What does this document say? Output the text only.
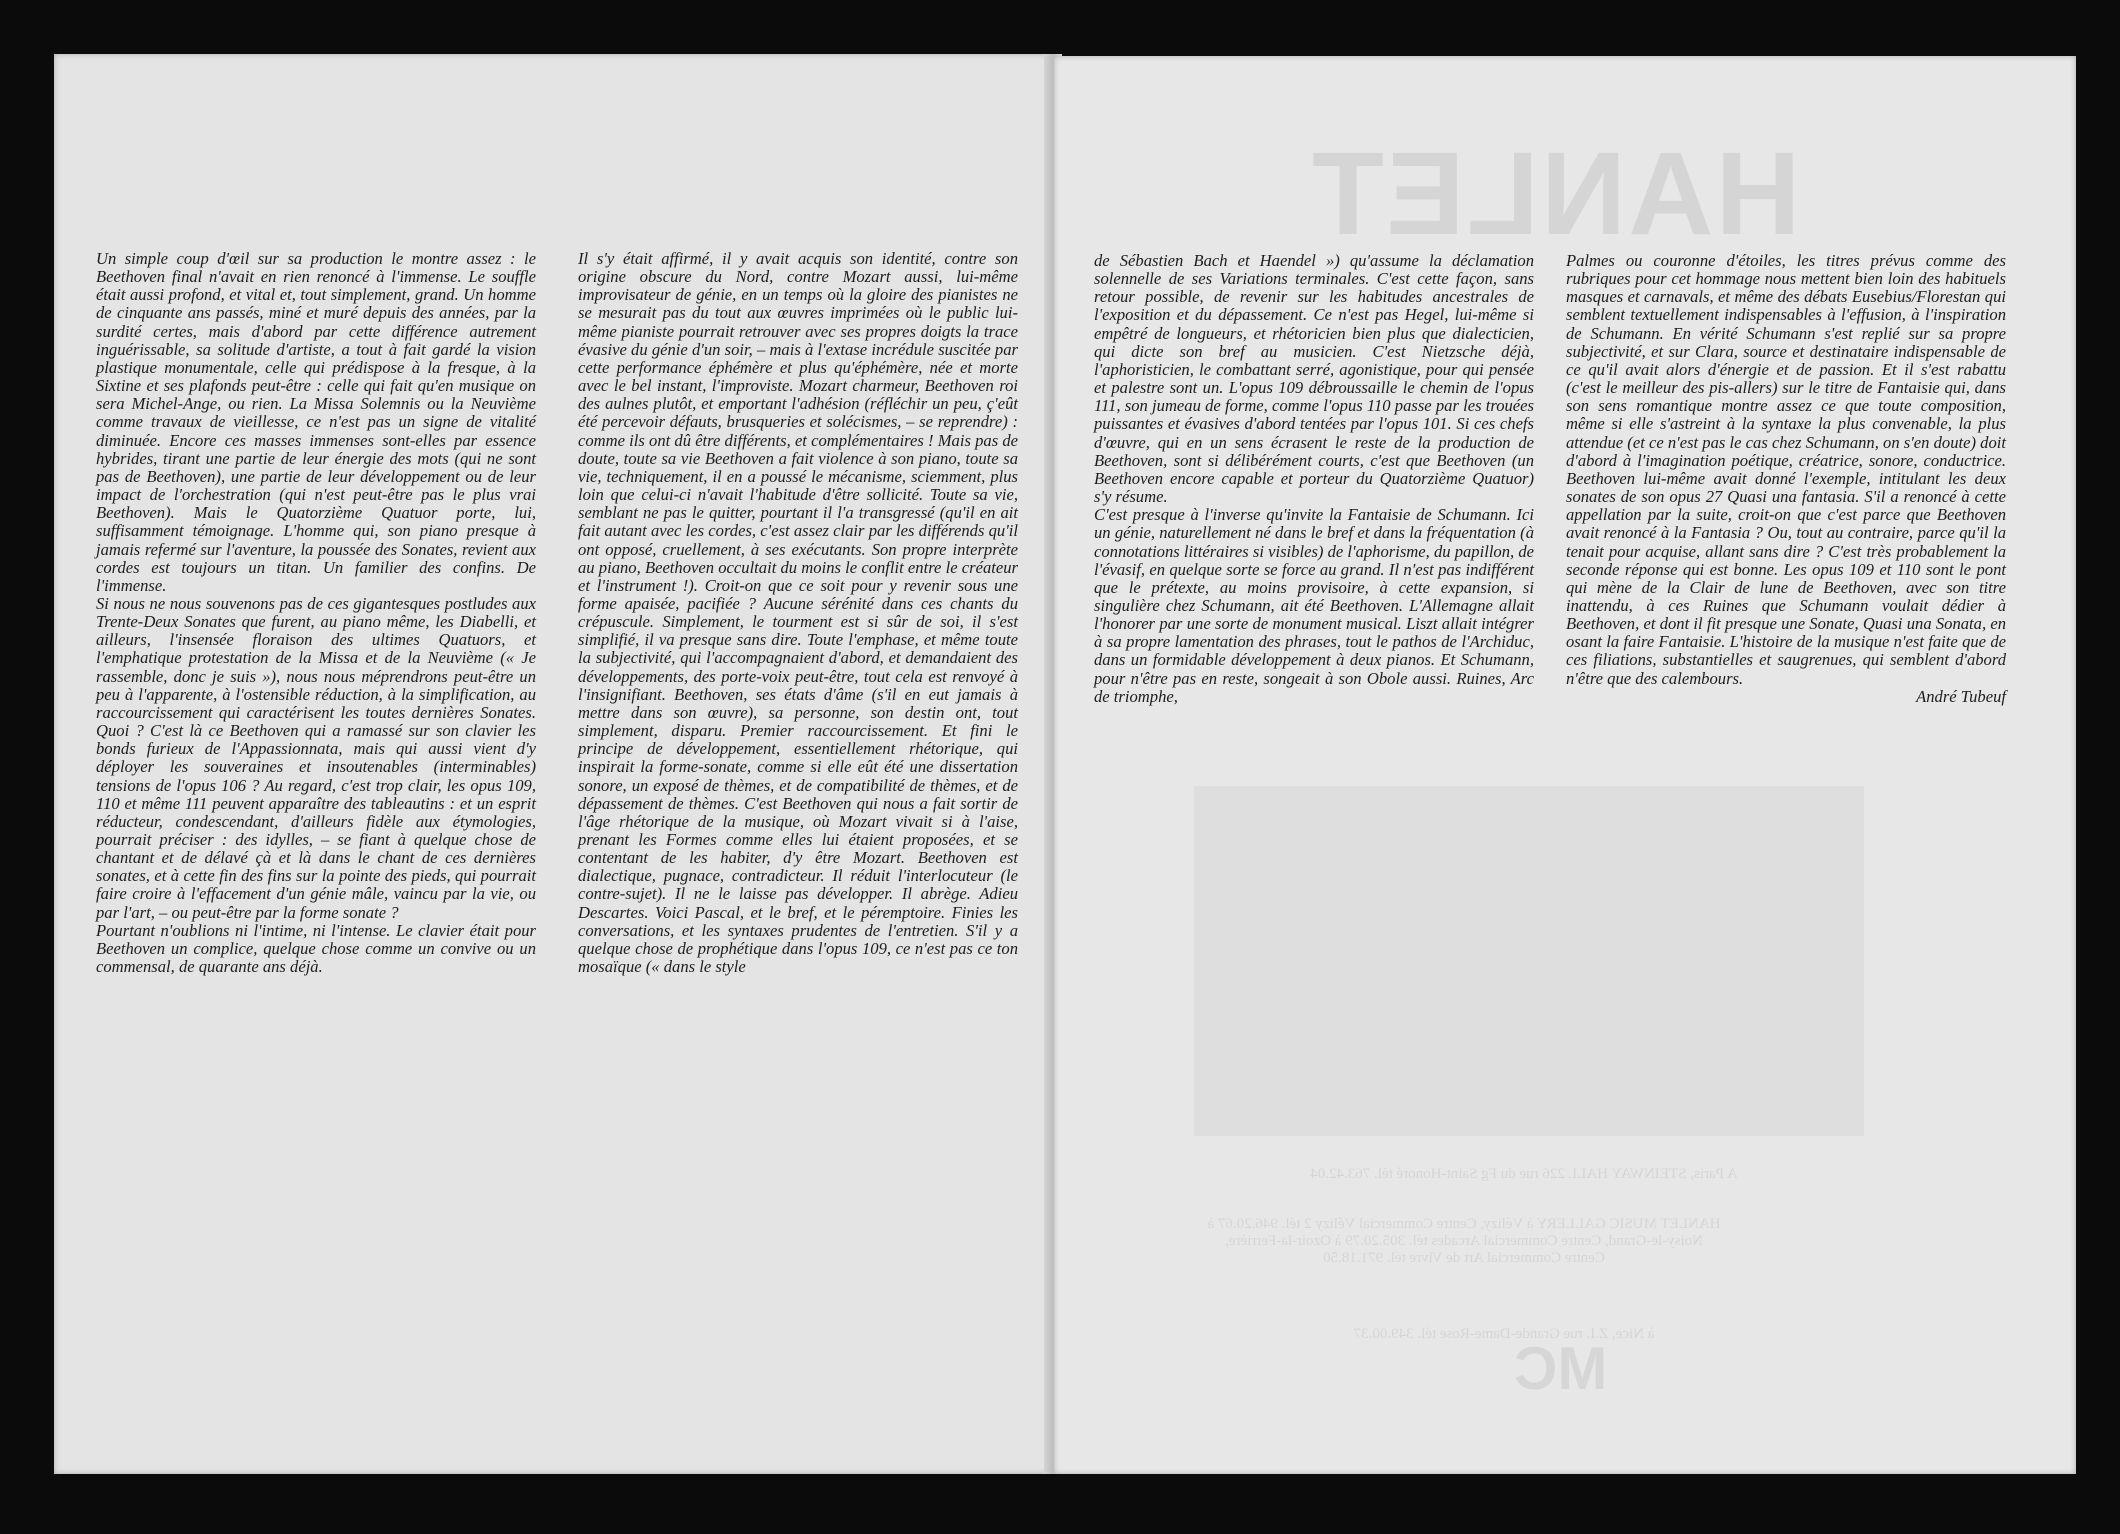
Un simple coup d'œil sur sa production le montre assez : le Beethoven final n'avait en rien renoncé à l'immense. Le souffle était aussi profond, et vital et, tout simplement, grand. Un homme de cinquante ans passés, miné et muré depuis des années, par la surdité certes, mais d'abord par cette différence autrement inguérissable, sa solitude d'artiste, a tout à fait gardé la vision plastique monumentale, celle qui prédispose à la fresque, à la Sixtine et ses plafonds peut-être : celle qui fait qu'en musique on sera Michel-Ange, ou rien. La Missa Solemnis ou la Neuvième comme travaux de vieillesse, ce n'est pas un signe de vitalité diminuée. Encore ces masses immenses sont-elles par essence hybrides, tirant une partie de leur énergie des mots (qui ne sont pas de Beethoven), une partie de leur développement ou de leur impact de l'orchestration (qui n'est peut-être pas le plus vrai Beethoven). Mais le Quatorzième Quatuor porte, lui, suffisamment témoignage. L'homme qui, son piano presque à jamais refermé sur l'aventure, la poussée des Sonates, revient aux cordes est toujours un titan. Un familier des confins. De l'immense.

Si nous ne nous souvenons pas de ces gigantesques postludes aux Trente-Deux Sonates que furent, au piano même, les Diabelli, et ailleurs, l'insensée floraison des ultimes Quatuors, et l'emphatique protestation de la Missa et de la Neuvième (« Je rassemble, donc je suis »), nous nous méprendrons peut-être un peu à l'apparente, à l'ostensible réduction, à la simplification, au raccourcissement qui caractérisent les toutes dernières Sonates. Quoi ? C'est là ce Beethoven qui a ramassé sur son clavier les bonds furieux de l'Appassionnata, mais qui aussi vient d'y déployer les souveraines et insoutenables (interminables) tensions de l'opus 106 ? Au regard, c'est trop clair, les opus 109, 110 et même 111 peuvent apparaître des tableautins : et un esprit réducteur, condescendant, d'ailleurs fidèle aux étymologies, pourrait préciser : des idylles, – se fiant à quelque chose de chantant et de délavé çà et là dans le chant de ces dernières sonates, et à cette fin des fins sur la pointe des pieds, qui pourrait faire croire à l'effacement d'un génie mâle, vaincu par la vie, ou par l'art, – ou peut-être par la forme sonate ?

Pourtant n'oublions ni l'intime, ni l'intense. Le clavier était pour Beethoven un complice, quelque chose comme un convive ou un commensal, de quarante ans déjà.

Il s'y était affirmé, il y avait acquis son identité, contre son origine obscure du Nord, contre Mozart aussi, lui-même improvisateur de génie, en un temps où la gloire des pianistes ne se mesurait pas du tout aux œuvres imprimées où le public lui-même pianiste pourrait retrouver avec ses propres doigts la trace évasive du génie d'un soir, – mais à l'extase incrédule suscitée par cette performance éphémère et plus qu'éphémère, née et morte avec le bel instant, l'improviste. Mozart charmeur, Beethoven roi des aulnes plutôt, et emportant l'adhésion (réfléchir un peu, ç'eût été percevoir défauts, brusqueries et solécismes, – se reprendre) : comme ils ont dû être différents, et complémentaires ! Mais pas de doute, toute sa vie Beethoven a fait violence à son piano, toute sa vie, techniquement, il en a poussé le mécanisme, sciemment, plus loin que celui-ci n'avait l'habitude d'être sollicité. Toute sa vie, semblant ne pas le quitter, pourtant il l'a transgressé (qu'il en ait fait autant avec les cordes, c'est assez clair par les différends qu'il ont opposé, cruellement, à ses exécutants. Son propre interprète au piano, Beethoven occultait du moins le conflit entre le créateur et l'instrument !). Croit-on que ce soit pour y revenir sous une forme apaisée, pacifiée ? Aucune sérénité dans ces chants du crépuscule. Simplement, le tourment est si sûr de soi, il s'est simplifié, il va presque sans dire. Toute l'emphase, et même toute la subjectivité, qui l'accompagnaient d'abord, et demandaient des développements, des porte-voix peut-être, tout cela est renvoyé à l'insignifiant. Beethoven, ses états d'âme (s'il en eut jamais à mettre dans son œuvre), sa personne, son destin ont, tout simplement, disparu. Premier raccourcissement. Et fini le principe de développement, essentiellement rhétorique, qui inspirait la forme-sonate, comme si elle eût été une dissertation sonore, un exposé de thèmes, et de compatibilité de thèmes, et de dépassement de thèmes. C'est Beethoven qui nous a fait sortir de l'âge rhétorique de la musique, où Mozart vivait si à l'aise, prenant les Formes comme elles lui étaient proposées, et se contentant de les habiter, d'y être Mozart. Beethoven est dialectique, pugnace, contradicteur. Il réduit l'interlocuteur (le contre-sujet). Il ne le laisse pas développer. Il abrège. Adieu Descartes. Voici Pascal, et le bref, et le péremptoire. Finies les conversations, et les syntaxes prudentes de l'entretien. S'il y a quelque chose de prophétique dans l'opus 109, ce n'est pas ce ton mosaïque (« dans le style

HANLET
A Paris, STEINWAY HALL 226 rue du Fg Saint-Honoré tél. 763.42.04
HANLET MUSIC GALLERY à Vélizy, Centre Commercial Vélizy 2 tél. 946.20.67 à Noisy-le-Grand, Centre Commercial Arcades tél. 305.20.79 à Ozoir-la-Ferrière, Centre Commercial Art de Vivre tél. 971.18.50
à Nice, Z.I. rue Grande-Dame-Rose tél. 349.00.37
MC

de Sébastien Bach et Haendel ») qu'assume la déclamation solennelle de ses Variations terminales. C'est cette façon, sans retour possible, de revenir sur les habitudes ancestrales de l'exposition et du dépassement. Ce n'est pas Hegel, lui-même si empêtré de longueurs, et rhétoricien bien plus que dialecticien, qui dicte son bref au musicien. C'est Nietzsche déjà, l'aphoristicien, le combattant serré, agonistique, pour qui pensée et palestre sont un. L'opus 109 débroussaille le chemin de l'opus 111, son jumeau de forme, comme l'opus 110 passe par les trouées puissantes et évasives d'abord tentées par l'opus 101. Si ces chefs d'œuvre, qui en un sens écrasent le reste de la production de Beethoven, sont si délibérément courts, c'est que Beethoven (un Beethoven encore capable et porteur du Quatorzième Quatuor) s'y résume.

C'est presque à l'inverse qu'invite la Fantaisie de Schumann. Ici un génie, naturellement né dans le bref et dans la fréquentation (à connotations littéraires si visibles) de l'aphorisme, du papillon, de l'évasif, en quelque sorte se force au grand. Il n'est pas indifférent que le prétexte, au moins provisoire, à cette expansion, si singulière chez Schumann, ait été Beethoven. L'Allemagne allait l'honorer par une sorte de monument musical. Liszt allait intégrer à sa propre lamentation des phrases, tout le pathos de l'Archiduc, dans un formidable développement à deux pianos. Et Schumann, pour n'être pas en reste, songeait à son Obole aussi. Ruines, Arc de triomphe,

Palmes ou couronne d'étoiles, les titres prévus comme des rubriques pour cet hommage nous mettent bien loin des habituels masques et carnavals, et même des débats Eusebius/Florestan qui semblent textuellement indispensables à l'effusion, à l'inspiration de Schumann. En vérité Schumann s'est replié sur sa propre subjectivité, et sur Clara, source et destinataire indispensable de ce qu'il avait alors d'énergie et de passion. Et il s'est rabattu (c'est le meilleur des pis-allers) sur le titre de Fantaisie qui, dans son sens romantique montre assez ce que toute composition, même si elle s'astreint à la syntaxe la plus convenable, la plus attendue (et ce n'est pas le cas chez Schumann, on s'en doute) doit d'abord à l'imagination poétique, créatrice, sonore, conductrice. Beethoven lui-même avait donné l'exemple, intitulant les deux sonates de son opus 27 Quasi una fantasia. S'il a renoncé à cette appellation par la suite, croit-on que c'est parce que Beethoven avait renoncé à la Fantasia ? Ou, tout au contraire, parce qu'il la tenait pour acquise, allant sans dire ? C'est très probablement la seconde réponse qui est bonne. Les opus 109 et 110 sont le pont qui mène de la Clair de lune de Beethoven, avec son titre inattendu, à ces Ruines que Schumann voulait dédier à Beethoven, et dont il fit presque une Sonate, Quasi una Sonata, en osant la faire Fantaisie. L'histoire de la musique n'est faite que de ces filiations, substantielles et saugrenues, qui semblent d'abord n'être que des calembours.

André Tubeuf
